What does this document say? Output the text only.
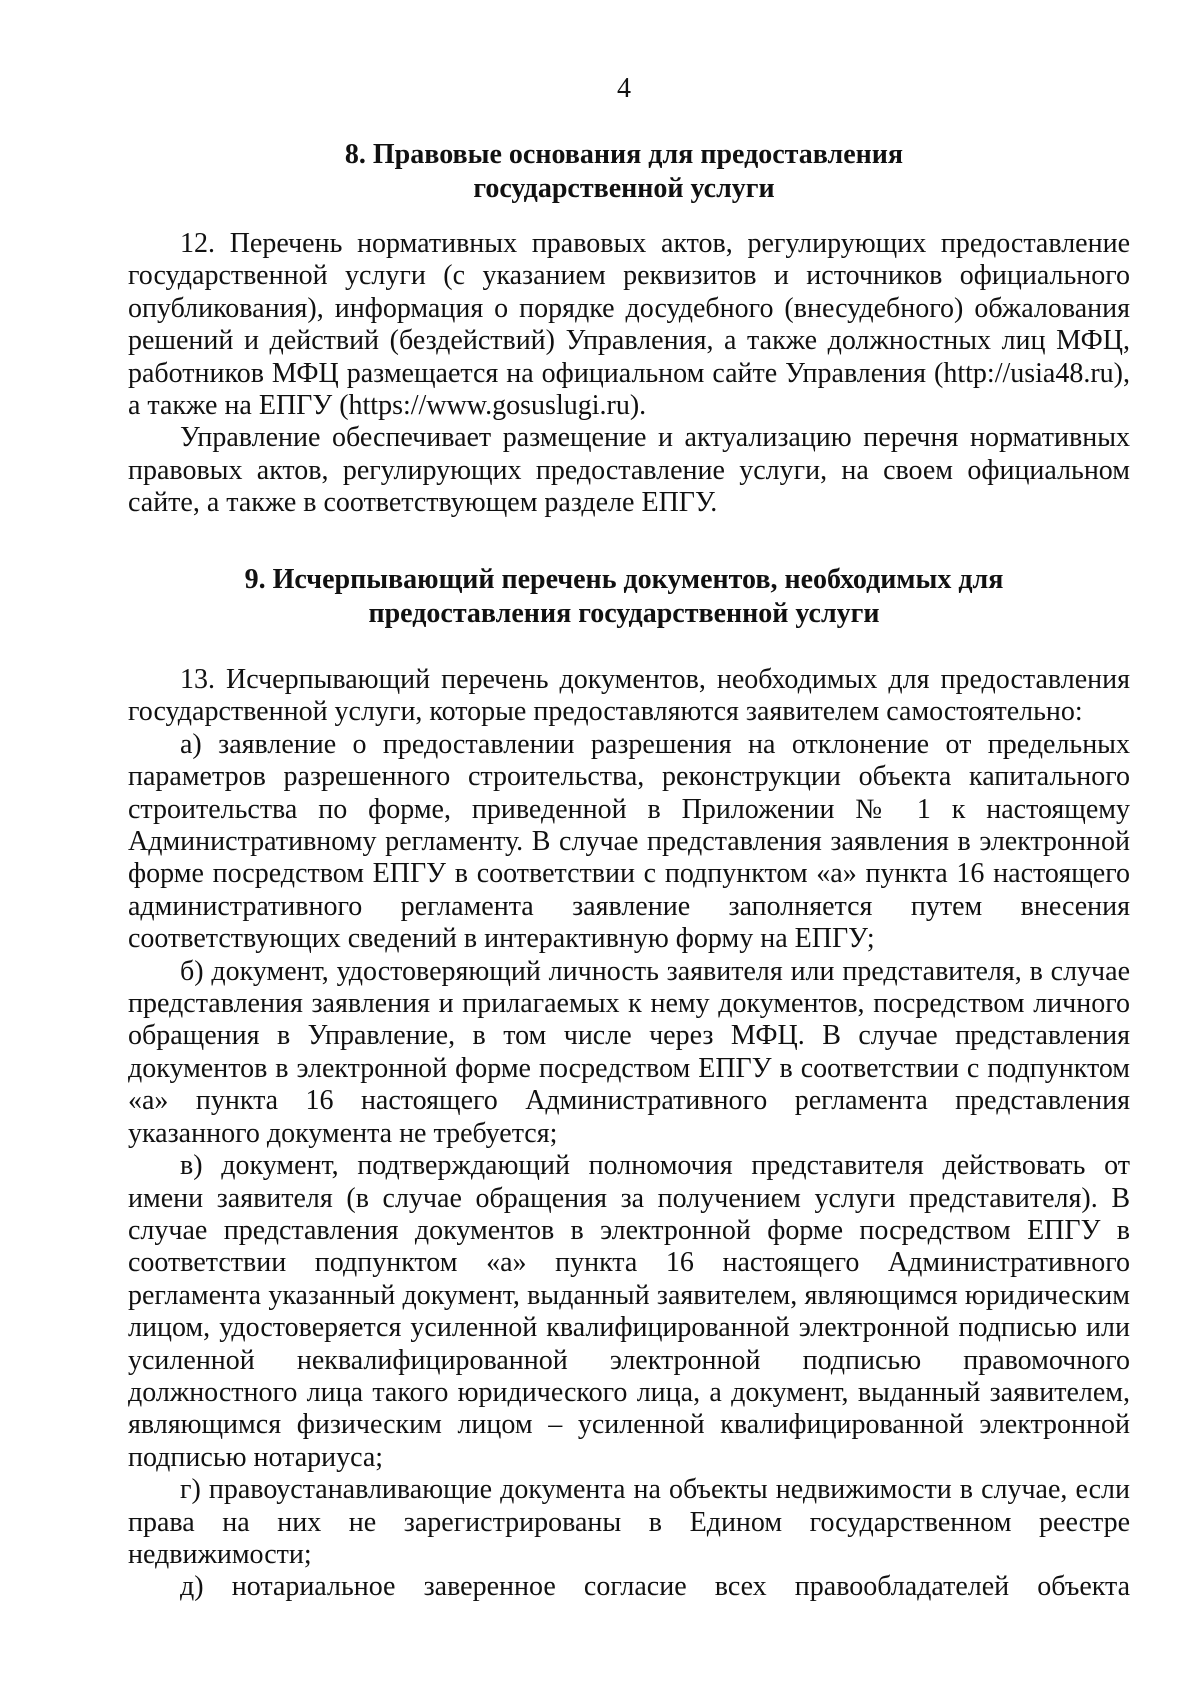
4
8. Правовые основания для предоставления
государственной услуги

12. Перечень нормативных правовых актов, регулирующих предоставление государственной услуги (с указанием реквизитов и источников официального опубликования), информация о порядке досудебного (внесудебного) обжалования решений и действий (бездействий) Управления, а также должностных лиц МФЦ, работников МФЦ размещается на официальном сайте Управления (http://usia48.ru), а также на ЕПГУ (https://www.gosuslugi.ru).

Управление обеспечивает размещение и актуализацию перечня нормативных правовых актов, регулирующих предоставление услуги, на своем официальном сайте, а также в соответствующем разделе ЕПГУ.

9. Исчерпывающий перечень документов, необходимых для
предоставления государственной услуги

13. Исчерпывающий перечень документов, необходимых для предоставления государственной услуги, которые предоставляются заявителем самостоятельно:

а) заявление о предоставлении разрешения на отклонение от предельных параметров разрешенного строительства, реконструкции объекта капитального строительства по форме, приведенной в Приложении № 1 к настоящему Административному регламенту. В случае представления заявления в электронной форме посредством ЕПГУ в соответствии с подпунктом «а» пункта 16 настоящего административного регламента заявление заполняется путем внесения соответствующих сведений в интерактивную форму на ЕПГУ;

б) документ, удостоверяющий личность заявителя или представителя, в случае представления заявления и прилагаемых к нему документов, посредством личного обращения в Управление, в том числе через МФЦ. В случае представления документов в электронной форме посредством ЕПГУ в соответствии с подпунктом «а» пункта 16 настоящего Административного регламента представления указанного документа не требуется;

в) документ, подтверждающий полномочия представителя действовать от имени заявителя (в случае обращения за получением услуги представителя). В случае представления документов в электронной форме посредством ЕПГУ в соответствии подпунктом «а» пункта 16 настоящего Административного регламента указанный документ, выданный заявителем, являющимся юридическим лицом, удостоверяется усиленной квалифицированной электронной подписью или усиленной неквалифицированной электронной подписью правомочного должностного лица такого юридического лица, а документ, выданный заявителем, являющимся физическим лицом – усиленной квалифицированной электронной подписью нотариуса;

г) правоустанавливающие документа на объекты недвижимости в случае, если права на них не зарегистрированы в Едином государственном реестре недвижимости;

д) нотариальное заверенное согласие всех правообладателей объекта
